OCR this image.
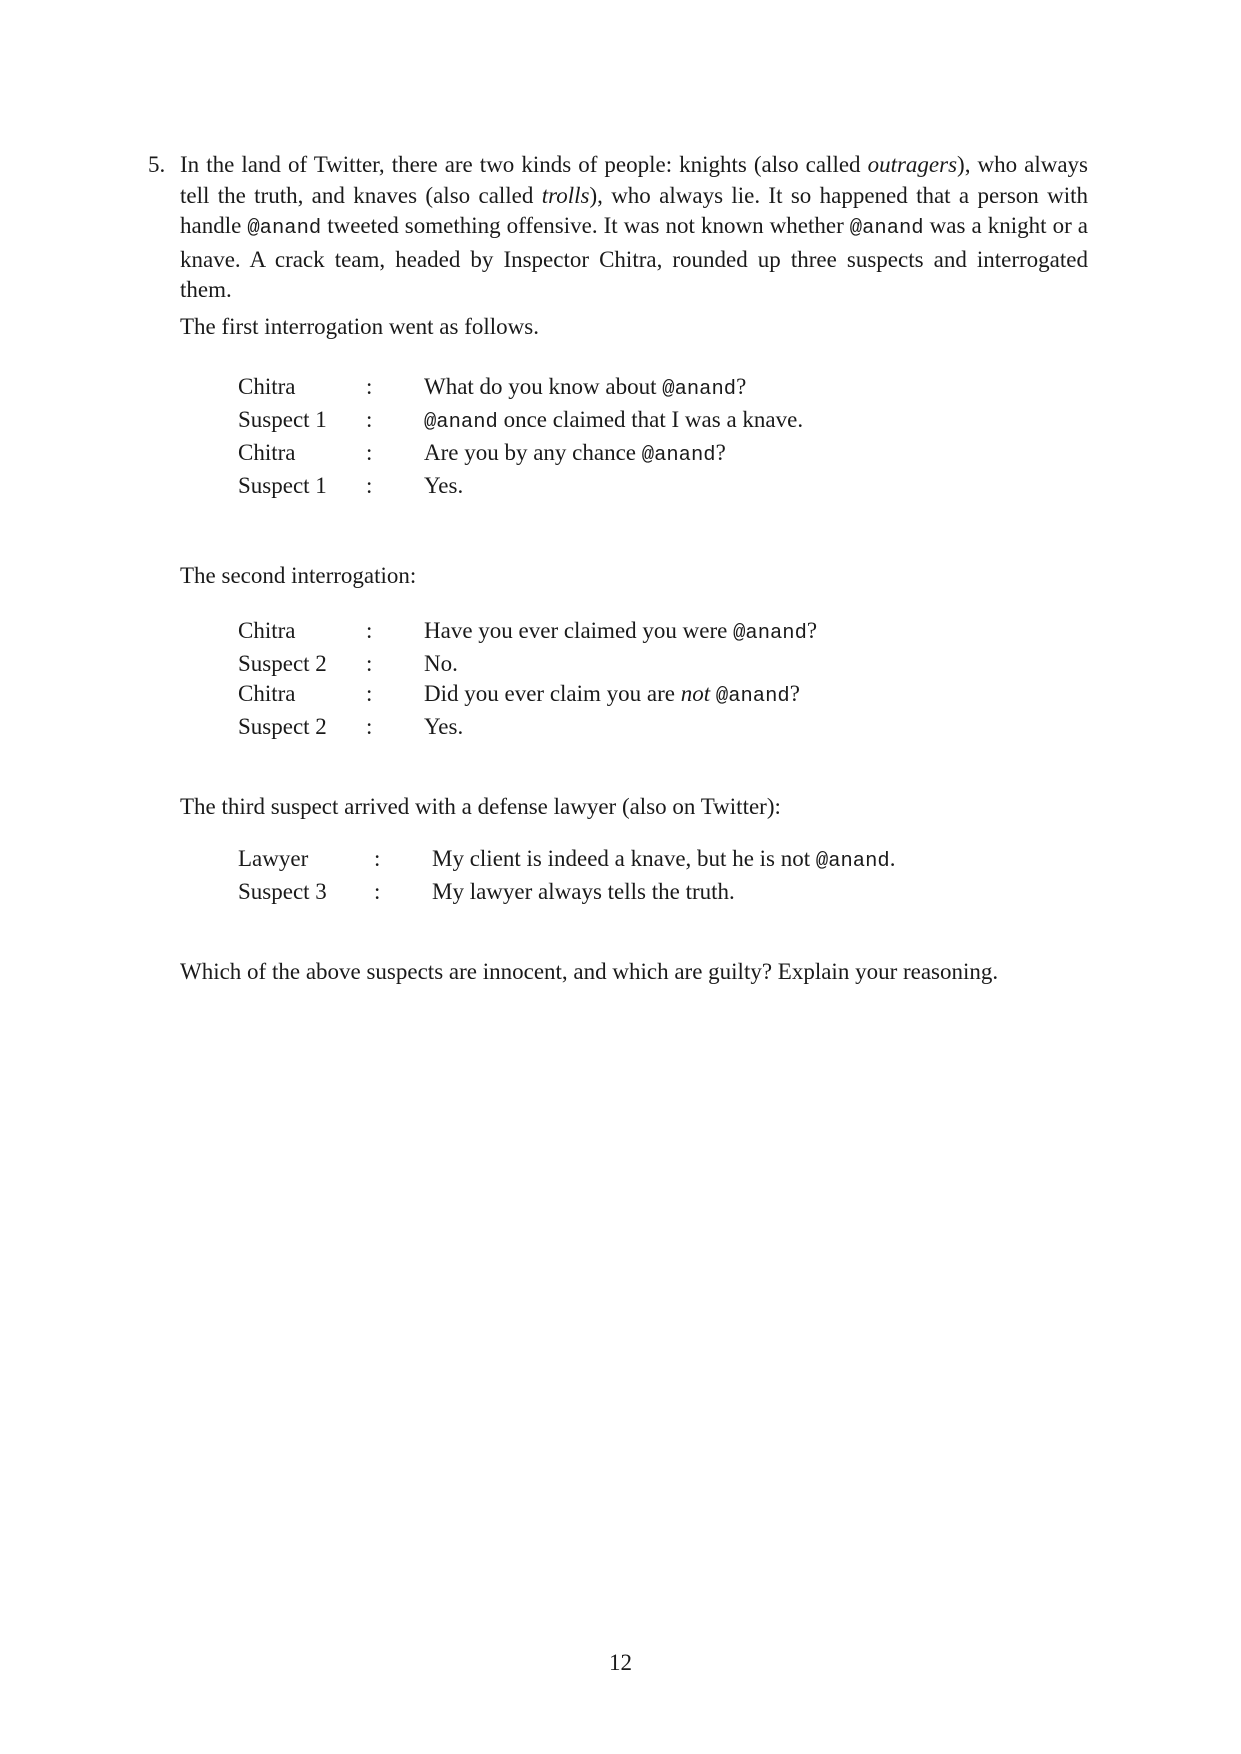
5. In the land of Twitter, there are two kinds of people: knights (also called outragers), who always tell the truth, and knaves (also called trolls), who always lie. It so happened that a person with handle @anand tweeted something offensive. It was not known whether @anand was a knight or a knave. A crack team, headed by Inspector Chitra, rounded up three suspects and interrogated them.

The first interrogation went as follows.

Chitra	:	What do you know about @anand?
Suspect 1	:	@anand once claimed that I was a knave.
Chitra	:	Are you by any chance @anand?
Suspect 1	:	Yes.

The second interrogation:

Chitra	:	Have you ever claimed you were @anand?
Suspect 2	:	No.
Chitra	:	Did you ever claim you are not @anand?
Suspect 2	:	Yes.

The third suspect arrived with a defense lawyer (also on Twitter):

Lawyer	:	My client is indeed a knave, but he is not @anand.
Suspect 3	:	My lawyer always tells the truth.

Which of the above suspects are innocent, and which are guilty? Explain your reasoning.

12
